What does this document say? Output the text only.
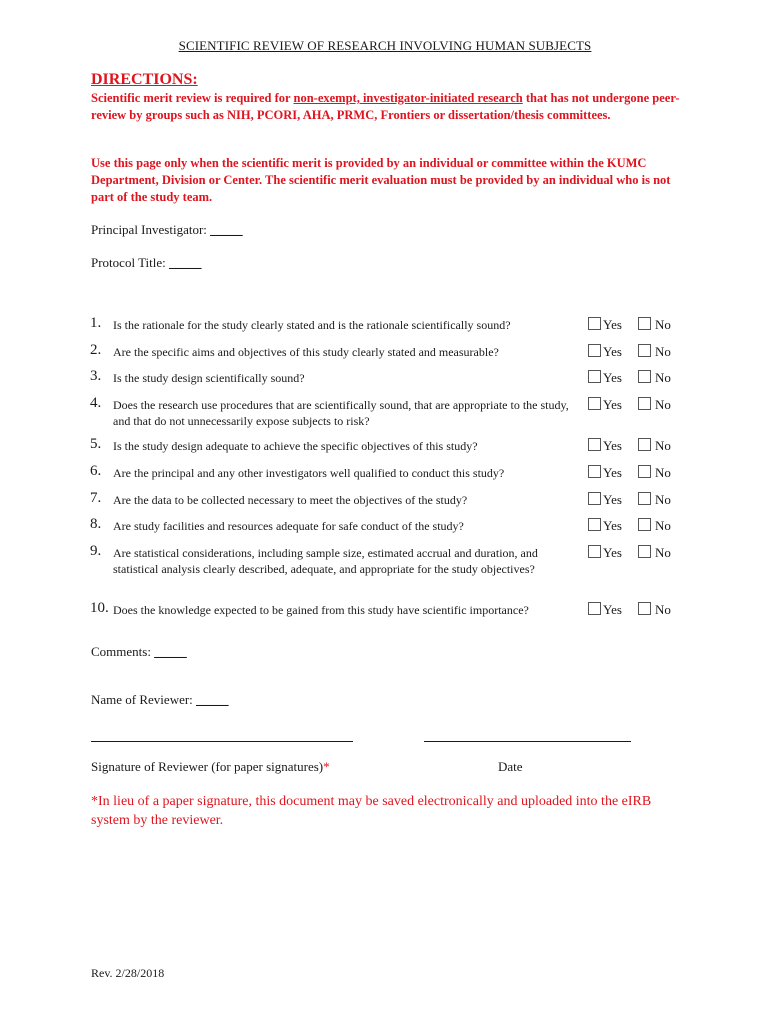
SCIENTIFIC REVIEW OF RESEARCH INVOLVING HUMAN SUBJECTS
DIRECTIONS:
Scientific merit review is required for non-exempt, investigator-initiated research that has not undergone peer-review by groups such as NIH, PCORI, AHA, PRMC, Frontiers or dissertation/thesis committees.
Use this page only when the scientific merit is provided by an individual or committee within the KUMC Department, Division or Center. The scientific merit evaluation must be provided by an individual who is not part of the study team.
Principal Investigator: _____
Protocol Title: _____
1. Is the rationale for the study clearly stated and is the rationale scientifically sound?	Yes	No
2. Are the specific aims and objectives of this study clearly stated and measurable?	Yes	No
3. Is the study design scientifically sound?	Yes	No
4. Does the research use procedures that are scientifically sound, that are appropriate to the study, and that do not unnecessarily expose subjects to risk?
Yes	No
5. Is the study design adequate to achieve the specific objectives of this study?	Yes	No
6. Are the principal and any other investigators well qualified to conduct this study?	Yes	No
7. Are the data to be collected necessary to meet the objectives of the study?	Yes	No
8. Are study facilities and resources adequate for safe conduct of the study?	Yes	No
9. Are statistical considerations, including sample size, estimated accrual and duration, and statistical analysis clearly described, adequate, and appropriate for the study objectives?
Yes	No
10. Does the knowledge expected to be gained from this study have scientific importance?	Yes	No
Comments: _____
Name of Reviewer: _____
Signature of Reviewer (for paper signatures)*	Date
*In lieu of a paper signature, this document may be saved electronically and uploaded into the eIRB system by the reviewer.
Rev. 2/28/2018
